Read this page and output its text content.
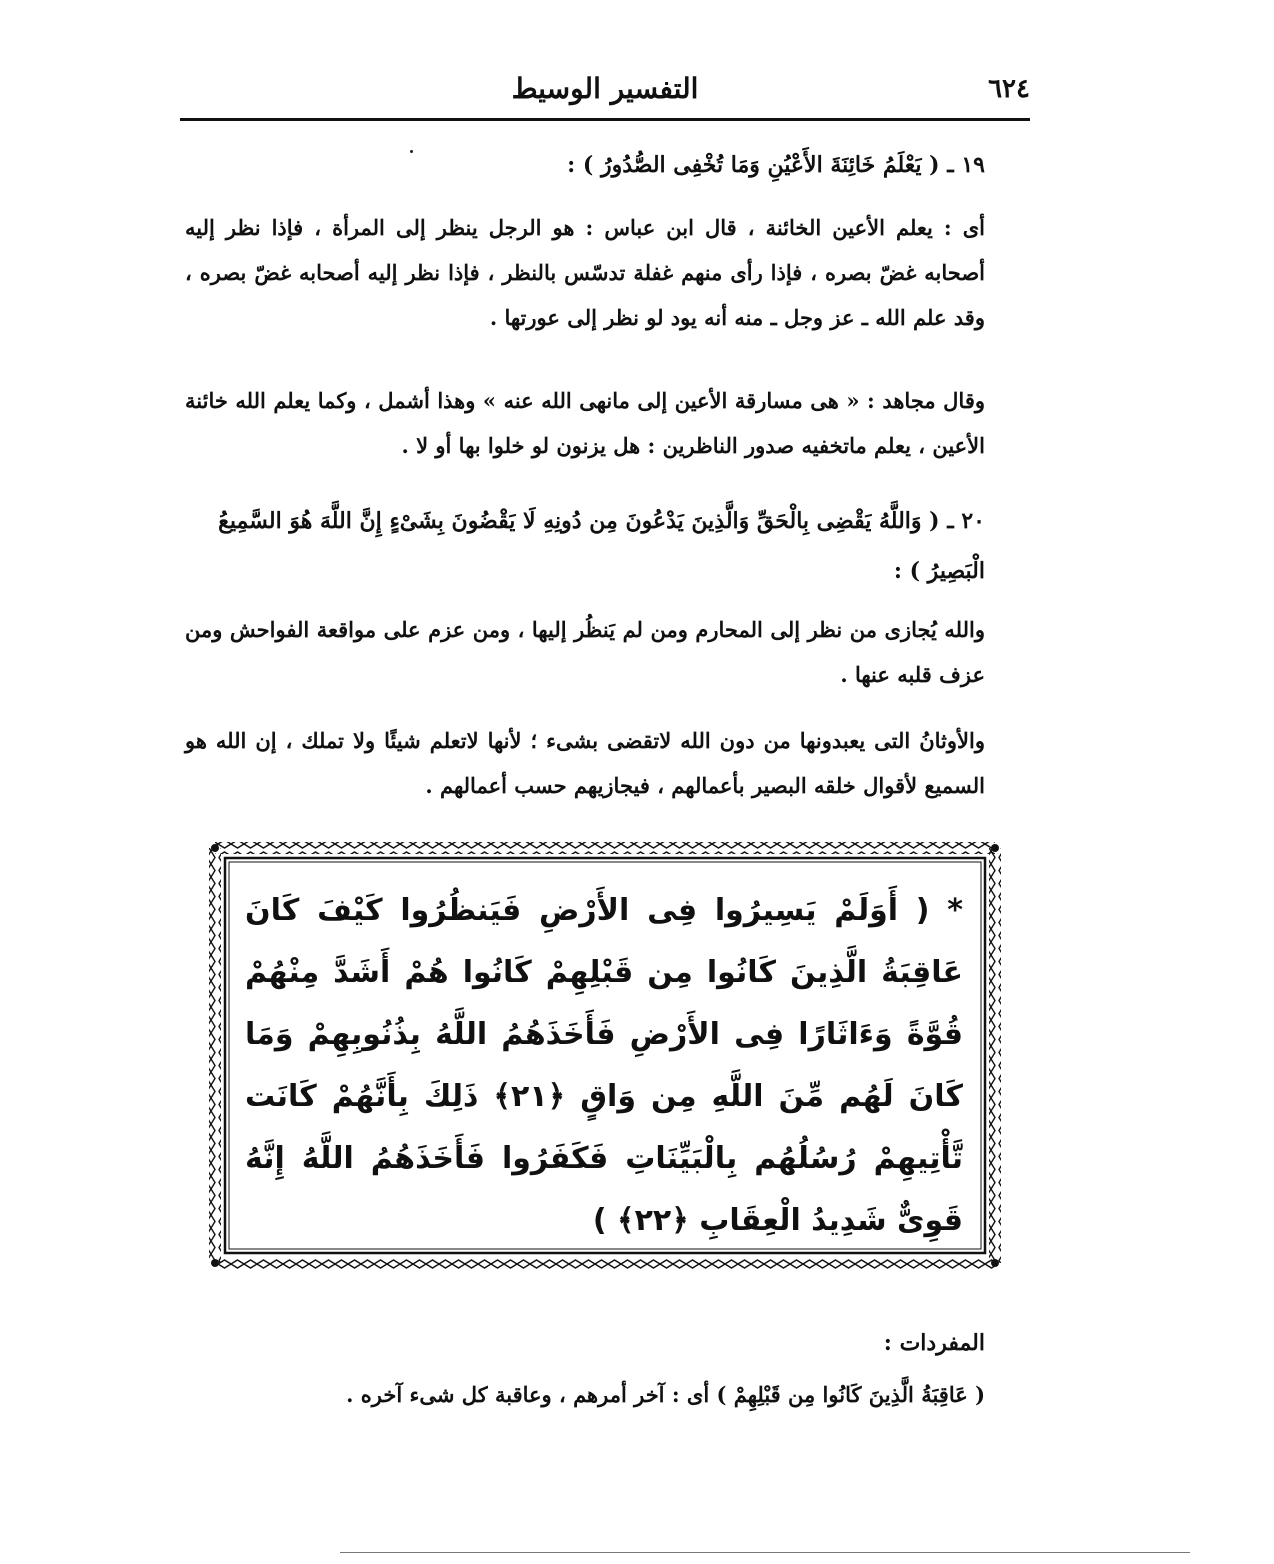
٦٢٤
التفسير الوسيط
١٩ ـ ( يَعْلَمُ خَائِنَةَ الأَعْيُنِ وَمَا تُخْفِى الصُّدُورُ ) :
أى : يعلم الأعين الخائنة ، قال ابن عباس : هو الرجل ينظر إلى المرأة ، فإذا نظر إليه أصحابه غضّ بصره ، فإذا رأى منهم غفلة تدسّس بالنظر ، فإذا نظر إليه أصحابه غضّ بصره ، وقد علم الله ـ عز وجل ـ منه أنه يود لو نظر إلى عورتها .
وقال مجاهد : « هى مسارقة الأعين إلى مانهى الله عنه » وهذا أشمل ، وكما يعلم الله خائنة الأعين ، يعلم ماتخفيه صدور الناظرين : هل يزنون لو خلوا بها أو لا .
٢٠ ـ ( وَاللَّهُ يَقْضِى بِالْحَقِّ وَالَّذِينَ يَدْعُونَ مِن دُونِهِ لَا يَقْضُونَ بِشَىْءٍ إِنَّ اللَّهَ هُوَ السَّمِيعُ
الْبَصِيرُ ) :
والله يُجازى من نظر إلى المحارم ومن لم يَنظُر إليها ، ومن عزم على مواقعة الفواحش ومن عزف قلبه عنها .
والأوثانُ التى يعبدونها من دون الله لاتقضى بشىء ؛ لأنها لاتعلم شيئًا ولا تملك ، إن الله هو السميع لأقوال خلقه البصير بأعمالهم ، فيجازيهم حسب أعمالهم .
* ( أَوَلَمْ يَسِيرُوا فِى الأَرْضِ فَيَنظُرُوا كَيْفَ كَانَ عَاقِبَةُ الَّذِينَ كَانُوا مِن قَبْلِهِمْ كَانُوا هُمْ أَشَدَّ مِنْهُمْ قُوَّةً وَءَاثَارًا فِى الأَرْضِ فَأَخَذَهُمُ اللَّهُ بِذُنُوبِهِمْ وَمَا كَانَ لَهُم مِّنَ اللَّهِ مِن وَاقٍ ﴿٢١﴾ ذَلِكَ بِأَنَّهُمْ كَانَت تَّأْتِيهِمْ رُسُلُهُم بِالْبَيِّنَاتِ فَكَفَرُوا فَأَخَذَهُمُ اللَّهُ إِنَّهُ قَوِىٌّ شَدِيدُ الْعِقَابِ ﴿٢٢﴾ )
المفردات :
( عَاقِبَةُ الَّذِينَ كَانُوا مِن قَبْلِهِمْ ) أى : آخر أمرهم ، وعاقبة كل شىء آخره .
